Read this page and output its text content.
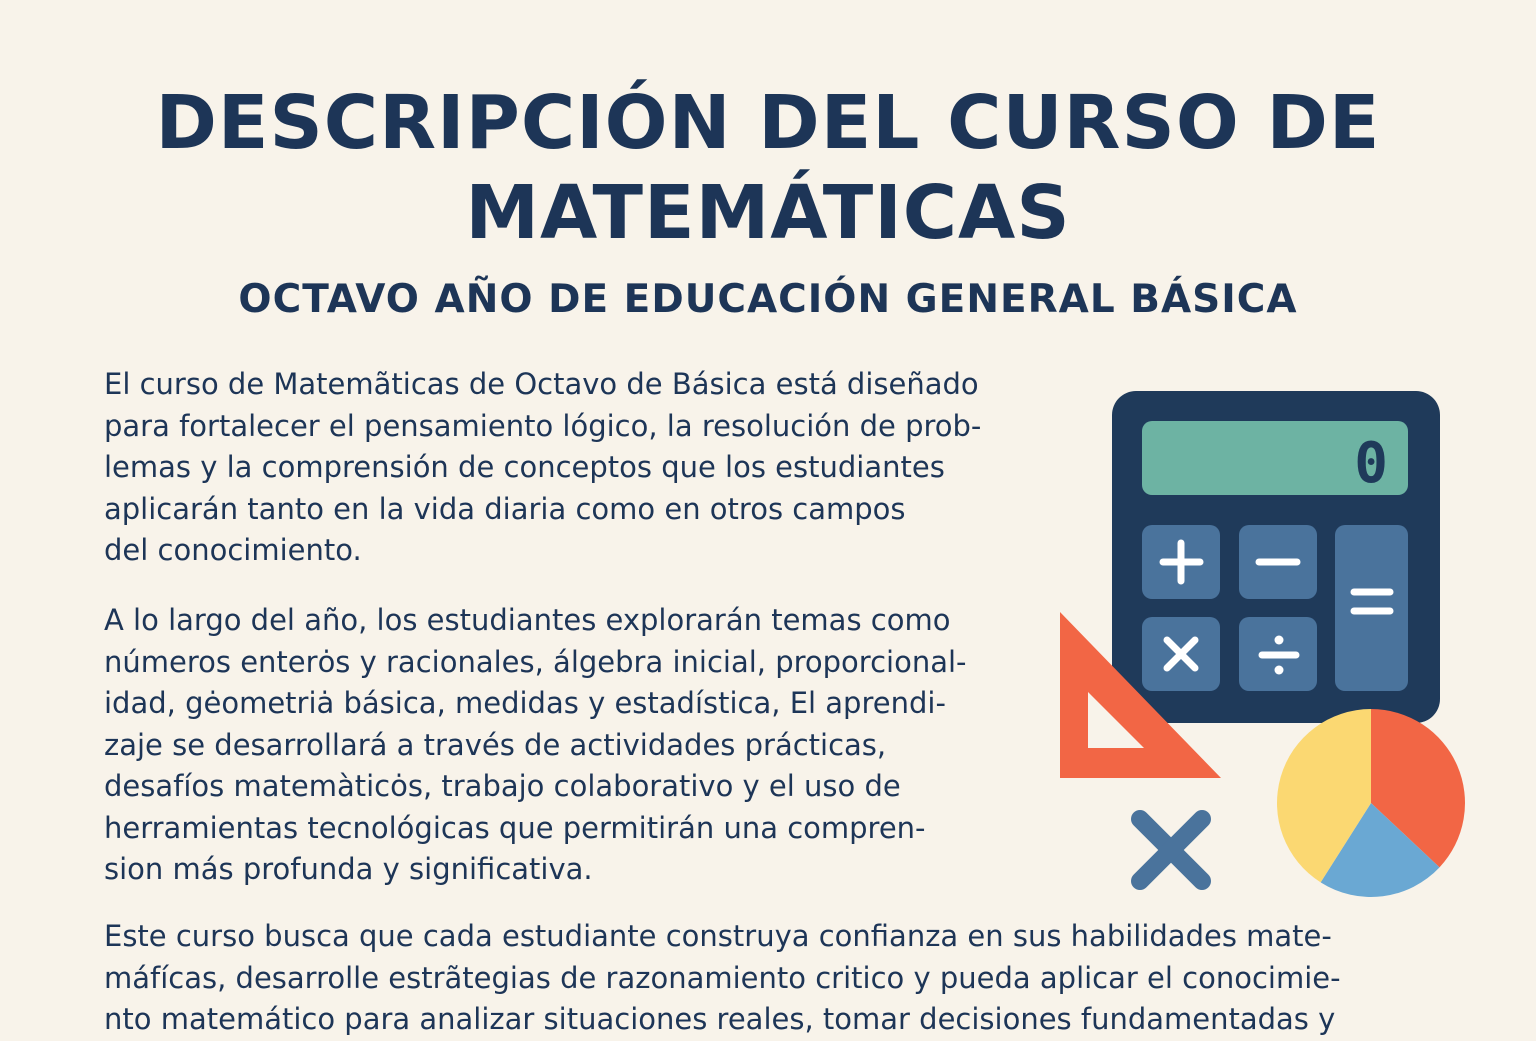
DESCRIPCIÓN DEL CURSO DE
MATEMÁTICAS
OCTAVO AÑO DE EDUCACIÓN GENERAL BÁSICA

El curso de Matemãticas de Octavo de Básica está diseñado
para fortalecer el pensamiento lógico, la resolución de prob-
lemas y la comprensión de conceptos que los estudiantes
aplicarán tanto en la vida diaria como en otros campos
del conocimiento.

A lo largo del año, los estudiantes explorarán temas como
números enterȯs y racionales, álgebra inicial, proporcional-
idad, gėometriȧ básica, medidas y estadística, El aprendi-
zaje se desarrollará a través de actividades prácticas,
desafíos matemàticȯs, trabajo colaborativo y el uso de
herramientas tecnológicas que permitirán una compren-
sion más profunda y significativa.

Este curso busca que cada estudiante construya confianza en sus habilidades mate-
máfícas, desarrolle estrãtegias de razonamiento critico y pueda aplicar el conocimie-
nto matemático para analizar situaciones reales, tomar decisiones fundamentadas y

0
